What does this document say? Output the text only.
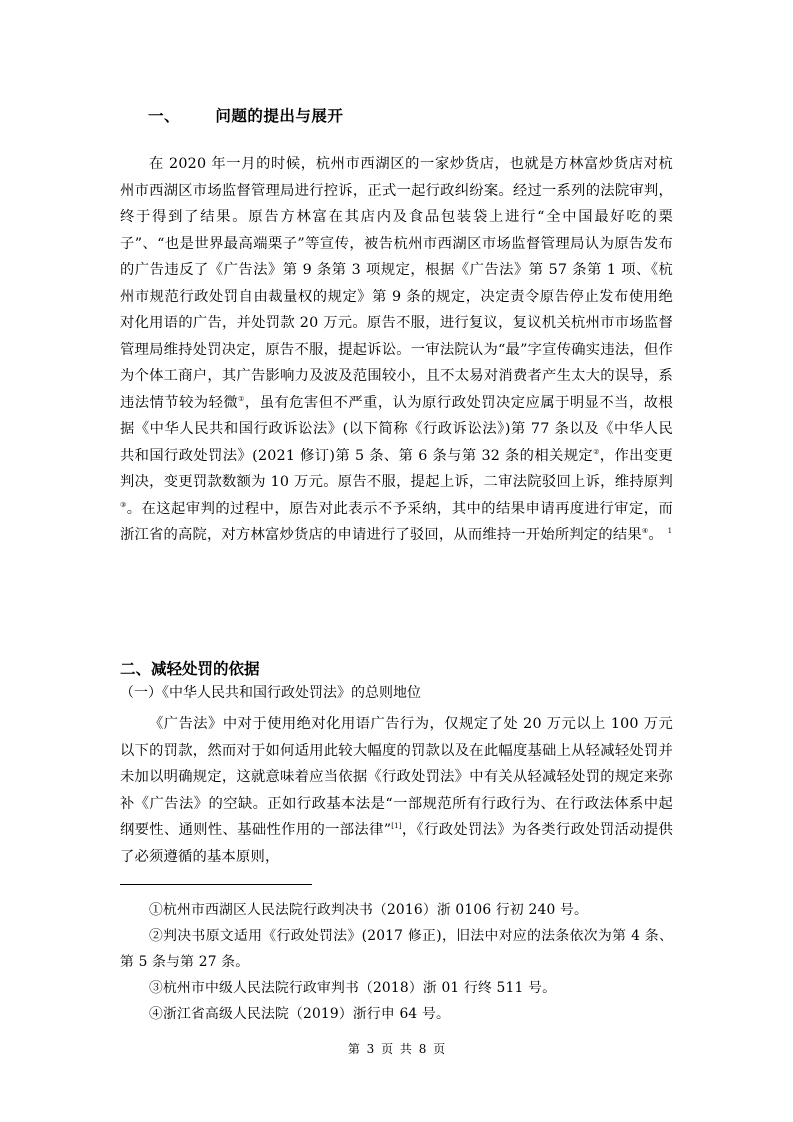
一、      问题的提出与展开
在 2020 年一月的时候，杭州市西湖区的一家炒货店，也就是方林富炒货店对杭州市西湖区市场监督管理局进行控诉，正式一起行政纠纷案。经过一系列的法院审判，终于得到了结果。原告方林富在其店内及食品包装袋上进行“全中国最好吃的栗子”、“也是世界最高端栗子”等宣传，被告杭州市西湖区市场监督管理局认为原告发布的广告违反了《广告法》第 9 条第 3 项规定，根据《广告法》第 57 条第 1 项、《杭州市规范行政处罚自由裁量权的规定》第 9 条的规定，决定责令原告停止发布使用绝对化用语的广告，并处罚款 20 万元。原告不服，进行复议，复议机关杭州市市场监督管理局维持处罚决定，原告不服，提起诉讼。一审法院认为“最”字宣传确实违法，但作为个体工商户，其广告影响力及波及范围较小，且不太易对消费者产生太大的误导，系违法情节较为轻微①，虽有危害但不严重，认为原行政处罚决定应属于明显不当，故根据《中华人民共和国行政诉讼法》(以下简称《行政诉讼法》)第 77 条以及《中华人民共和国行政处罚法》(2021 修订)第 5 条、第 6 条与第 32 条的相关规定②，作出变更判决，变更罚款数额为 10 万元。原告不服，提起上诉，二审法院驳回上诉，维持原判③。在这起审判的过程中，原告对此表示不予采纳，其中的结果申请再度进行审定，而浙江省的高院，对方林富炒货店的申请进行了驳回，从而维持一开始所判定的结果④。 $^1$
二、减轻处罚的依据
（一）《中华人民共和国行政处罚法》的总则地位
《广告法》中对于使用绝对化用语广告行为，仅规定了处 20 万元以上 100 万元以下的罚款，然而对于如何适用此较大幅度的罚款以及在此幅度基础上从轻减轻处罚并未加以明确规定，这就意味着应当依据《行政处罚法》中有关从轻减轻处罚的规定来弥补《广告法》的空缺。正如行政基本法是“一部规范所有行政行为、在行政法体系中起纲要性、通则性、基础性作用的一部法律”[1]，《行政处罚法》为各类行政处罚活动提供了必须遵循的基本原则，

①杭州市西湖区人民法院行政判决书（2016）浙 0106 行初 240 号。

②判决书原文适用《行政处罚法》(2017 修正)，旧法中对应的法条依次为第 4 条、第 5 条与第 27 条。

③杭州市中级人民法院行政审判书（2018）浙 01 行终 511 号。

④浙江省高级人民法院（2019）浙行申 64 号。

第 3 页 共 8 页
